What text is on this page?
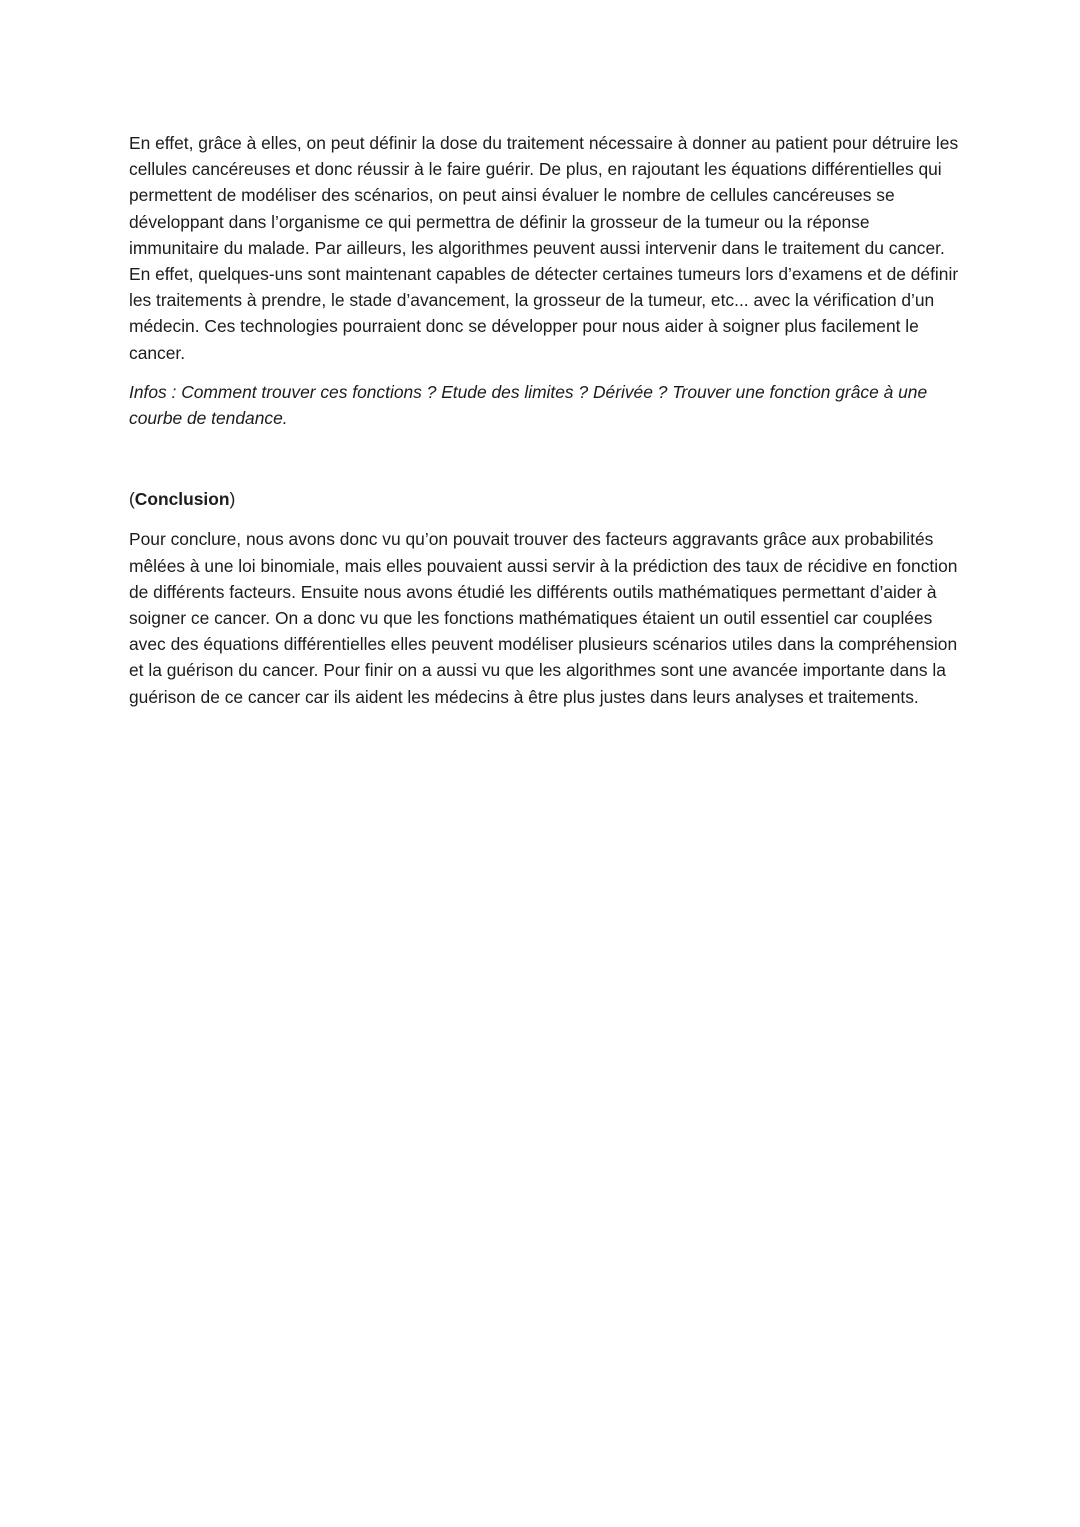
En effet, grâce à elles, on peut définir la dose du traitement nécessaire à donner au patient pour détruire les cellules cancéreuses et donc réussir à le faire guérir. De plus, en rajoutant les équations différentielles qui permettent de modéliser des scénarios, on peut ainsi évaluer le nombre de cellules cancéreuses se développant dans l’organisme ce qui permettra de définir la grosseur de la tumeur ou la réponse immunitaire du malade. Par ailleurs, les algorithmes peuvent aussi intervenir dans le traitement du cancer. En effet, quelques-uns sont maintenant capables de détecter certaines tumeurs lors d’examens et de définir les traitements à prendre, le stade d’avancement, la grosseur de la tumeur, etc... avec la vérification d’un médecin. Ces technologies pourraient donc se développer pour nous aider à soigner plus facilement le cancer.

Infos : Comment trouver ces fonctions ? Etude des limites ? Dérivée ? Trouver une fonction grâce à une courbe de tendance.

(Conclusion)

Pour conclure, nous avons donc vu qu’on pouvait trouver des facteurs aggravants grâce aux probabilités mêlées à une loi binomiale, mais elles pouvaient aussi servir à la prédiction des taux de récidive en fonction de différents facteurs. Ensuite nous avons étudié les différents outils mathématiques permettant d’aider à soigner ce cancer. On a donc vu que les fonctions mathématiques étaient un outil essentiel car couplées avec des équations différentielles elles peuvent modéliser plusieurs scénarios utiles dans la compréhension et la guérison du cancer. Pour finir on a aussi vu que les algorithmes sont une avancée importante dans la guérison de ce cancer car ils aident les médecins à être plus justes dans leurs analyses et traitements.
